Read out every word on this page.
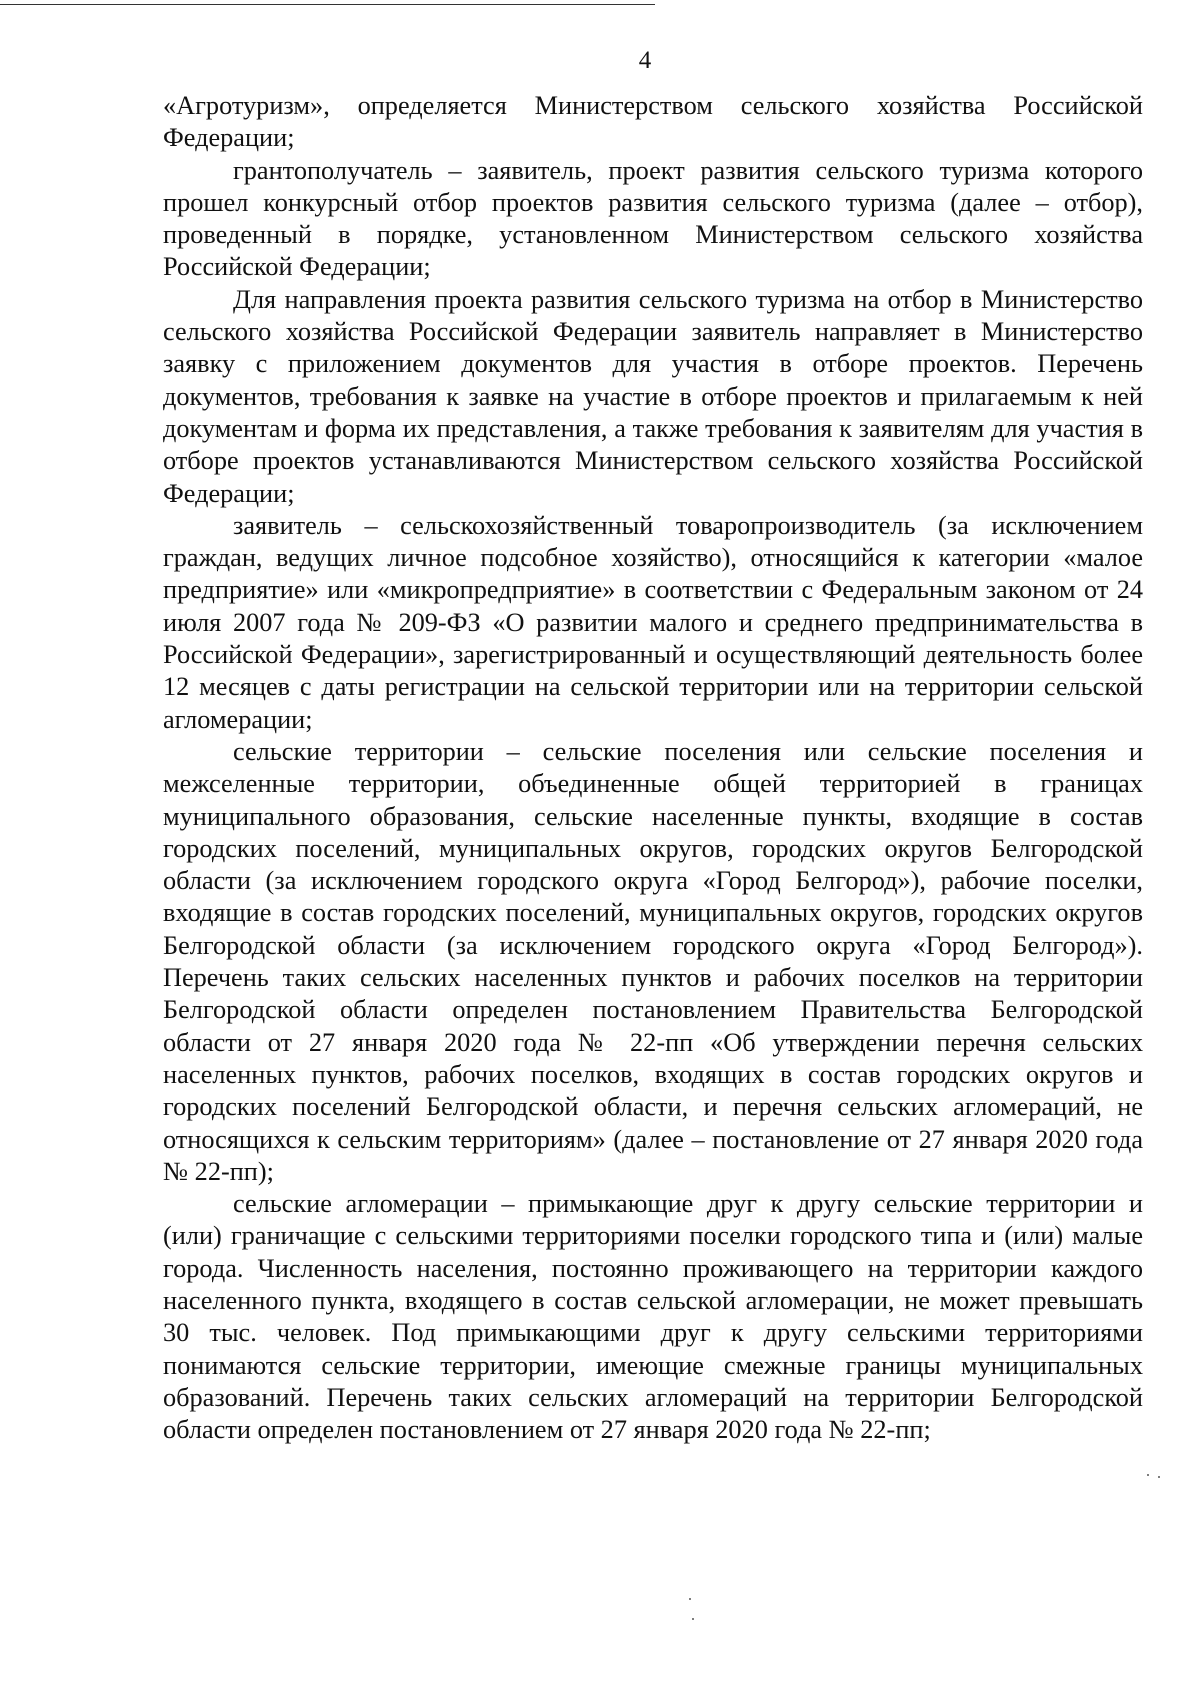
4

«Агротуризм», определяется Министерством сельского хозяйства Российской Федерации;

грантополучатель – заявитель, проект развития сельского туризма которого прошел конкурсный отбор проектов развития сельского туризма (далее – отбор), проведенный в порядке, установленном Министерством сельского хозяйства Российской Федерации;

Для направления проекта развития сельского туризма на отбор в Министерство сельского хозяйства Российской Федерации заявитель направляет в Министерство заявку с приложением документов для участия в отборе проектов. Перечень документов, требования к заявке на участие в отборе проектов и прилагаемым к ней документам и форма их представления, а также требования к заявителям для участия в отборе проектов устанавливаются Министерством сельского хозяйства Российской Федерации;

заявитель – сельскохозяйственный товаропроизводитель (за исключением граждан, ведущих личное подсобное хозяйство), относящийся к категории «малое предприятие» или «микропредприятие» в соответствии с Федеральным законом от 24 июля 2007 года № 209-ФЗ «О развитии малого и среднего предпринимательства в Российской Федерации», зарегистрированный и осуществляющий деятельность более 12 месяцев с даты регистрации на сельской территории или на территории сельской агломерации;

сельские территории – сельские поселения или сельские поселения и межселенные территории, объединенные общей территорией в границах муниципального образования, сельские населенные пункты, входящие в состав городских поселений, муниципальных округов, городских округов Белгородской области (за исключением городского округа «Город Белгород»), рабочие поселки, входящие в состав городских поселений, муниципальных округов, городских округов Белгородской области (за исключением городского округа «Город Белгород»). Перечень таких сельских населенных пунктов и рабочих поселков на территории Белгородской области определен постановлением Правительства Белгородской области от 27 января 2020 года № 22-пп «Об утверждении перечня сельских населенных пунктов, рабочих поселков, входящих в состав городских округов и городских поселений Белгородской области, и перечня сельских агломераций, не относящихся к сельским территориям» (далее – постановление от 27 января 2020 года № 22-пп);

сельские агломерации – примыкающие друг к другу сельские территории и (или) граничащие с сельскими территориями поселки городского типа и (или) малые города. Численность населения, постоянно проживающего на территории каждого населенного пункта, входящего в состав сельской агломерации, не может превышать 30 тыс. человек. Под примыкающими друг к другу сельскими территориями понимаются сельские территории, имеющие смежные границы муниципальных образований. Перечень таких сельских агломераций на территории Белгородской области определен постановлением от 27 января 2020 года № 22-пп;
